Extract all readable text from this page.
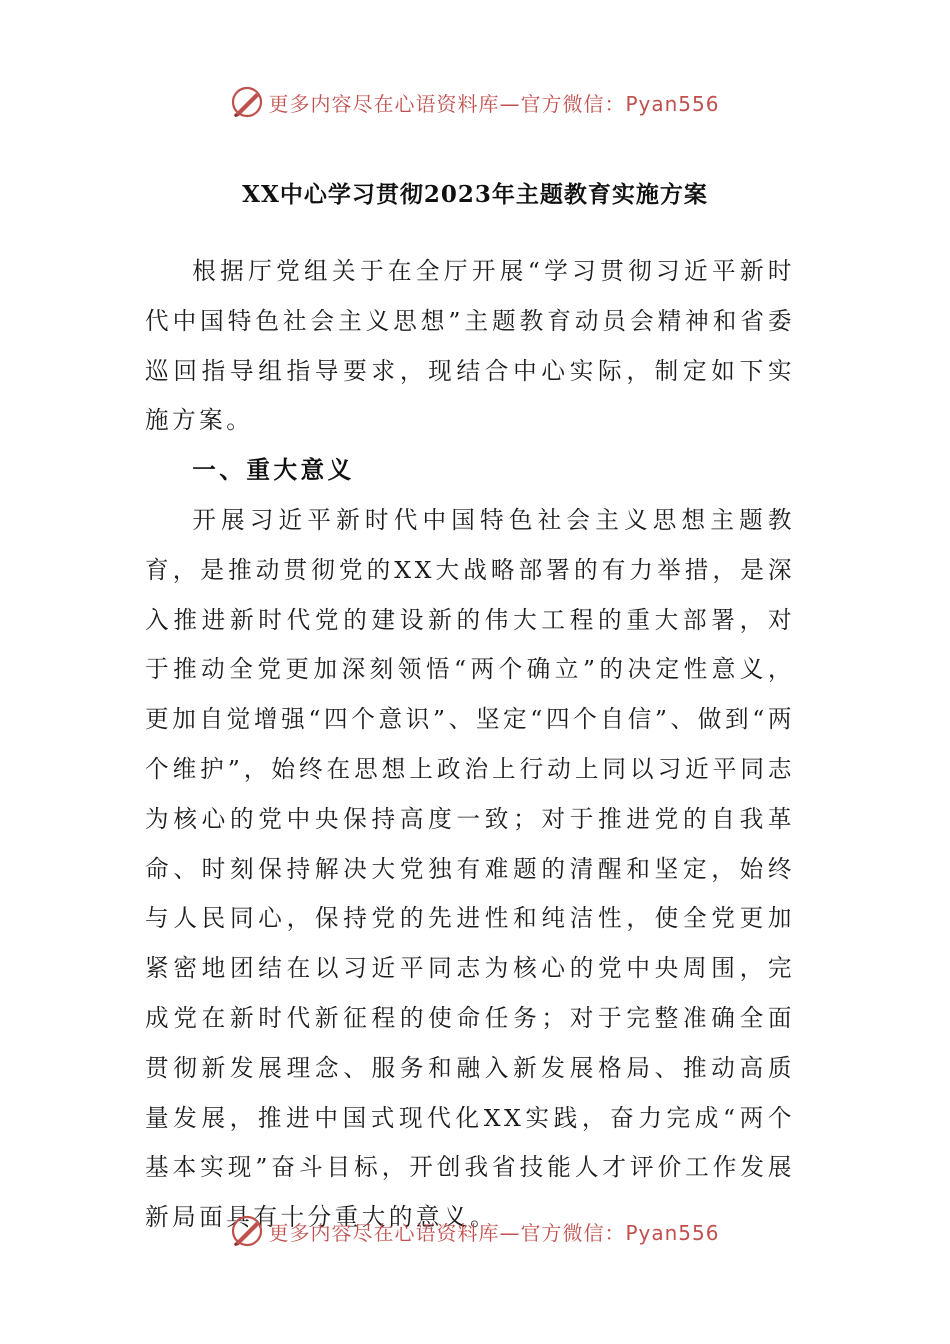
更多内容尽在心语资料库—官方微信：Pyan556
XX中心学习贯彻2023年主题教育实施方案

根据厅党组关于在全厅开展“学习贯彻习近平新时代中国特色社会主义思想”主题教育动员会精神和省委巡回指导组指导要求，现结合中心实际，制定如下实施方案。

一、重大意义

开展习近平新时代中国特色社会主义思想主题教育，是推动贯彻党的XX大战略部署的有力举措，是深入推进新时代党的建设新的伟大工程的重大部署，对于推动全党更加深刻领悟“两个确立”的决定性意义，更加自觉增强“四个意识”、坚定“四个自信”、做到“两个维护”，始终在思想上政治上行动上同以习近平同志为核心的党中央保持高度一致；对于推进党的自我革命、时刻保持解决大党独有难题的清醒和坚定，始终与人民同心，保持党的先进性和纯洁性，使全党更加紧密地团结在以习近平同志为核心的党中央周围，完成党在新时代新征程的使命任务；对于完整准确全面贯彻新发展理念、服务和融入新发展格局、推动高质量发展，推进中国式现代化XX实践，奋力完成“两个基本实现”奋斗目标，开创我省技能人才评价工作发展新局面具有十分重大的意义。

更多内容尽在心语资料库—官方微信：Pyan556
